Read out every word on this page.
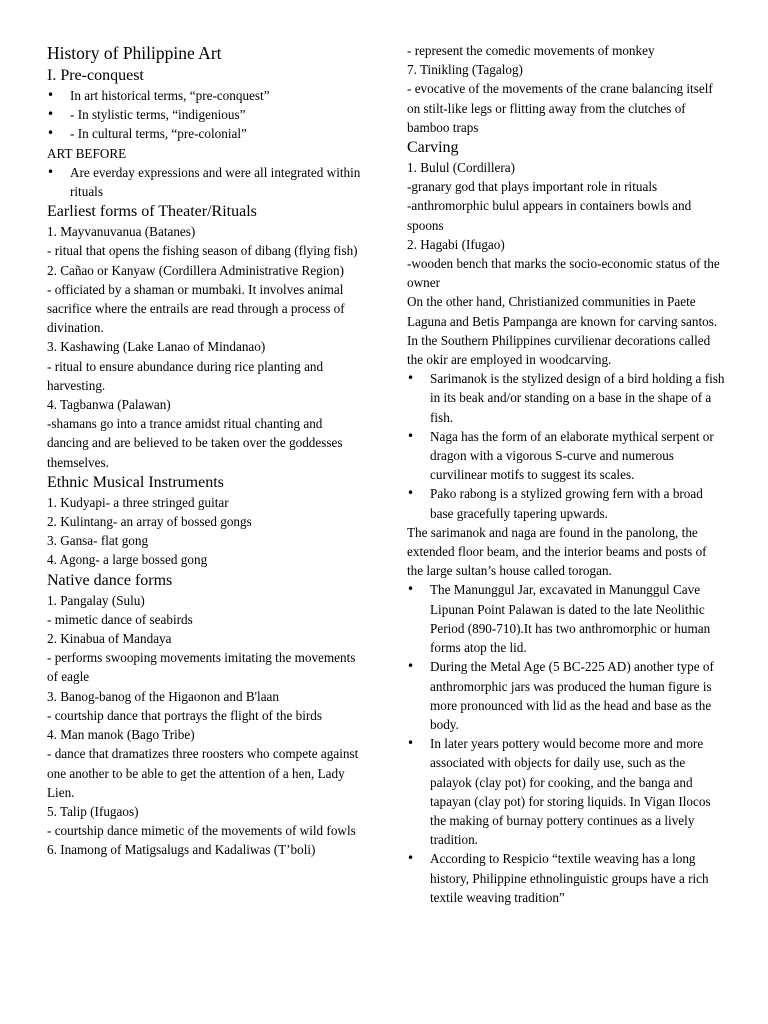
History of Philippine Art
I. Pre-conquest
• In art historical terms, “pre-conquest”
• - In stylistic terms, “indigenious”
• - In cultural terms, “pre-colonial”

ART BEFORE

• Are everday expressions and were all integrated within rituals
Earliest forms of Theater/Rituals

1. Mayvanuvanua (Batanes)

- ritual that opens the fishing season of dibang (flying fish)

2. Cañao or Kanyaw (Cordillera Administrative Region)

- officiated by a shaman or mumbaki. It involves animal sacrifice where the entrails are read through a process of divination.

3. Kashawing (Lake Lanao of Mindanao)

- ritual to ensure abundance during rice planting and harvesting.

4. Tagbanwa (Palawan)

-shamans go into a trance amidst ritual chanting and dancing and are believed to be taken over the goddesses themselves.

Ethnic Musical Instruments

1. Kudyapi- a three stringed guitar

2. Kulintang- an array of bossed gongs

3. Gansa- flat gong

4. Agong- a large bossed gong

Native dance forms

1. Pangalay (Sulu)

- mimetic dance of seabirds

2. Kinabua of Mandaya

- performs swooping movements imitating the movements of eagle

3. Banog-banog of the Higaonon and B'laan

- courtship dance that portrays the flight of the birds

4. Man manok (Bago Tribe)

- dance that dramatizes three roosters who compete against one another to be able to get the attention of a hen, Lady Lien.

5. Talip (Ifugaos)

- courtship dance mimetic of the movements of wild fowls

6. Inamong of Matigsalugs and Kadaliwas (T’boli)

- represent the comedic movements of monkey

7. Tinikling (Tagalog)

- evocative of the movements of the crane balancing itself on stilt-like legs or flitting away from the clutches of bamboo traps

Carving

1. Bulul (Cordillera)

-granary god that plays important role in rituals

-anthromorphic bulul appears in containers bowls and spoons

2. Hagabi (Ifugao)

-wooden bench that marks the socio-economic status of the owner

On the other hand, Christianized communities in Paete Laguna and Betis Pampanga are known for carving santos. In the Southern Philippines curvilienar decorations called the okir are employed in woodcarving.

• Sarimanok is the stylized design of a bird holding a fish in its beak and/or standing on a base in the shape of a fish.
• Naga has the form of an elaborate mythical serpent or dragon with a vigorous S-curve and numerous curvilinear motifs to suggest its scales.
• Pako rabong is a stylized growing fern with a broad base gracefully tapering upwards.

The sarimanok and naga are found in the panolong, the extended floor beam, and the interior beams and posts of the large sultan’s house called torogan.

• The Manunggul Jar, excavated in Manunggul Cave Lipunan Point Palawan is dated to the late Neolithic Period (890-710).It has two anthromorphic or human forms atop the lid.
• During the Metal Age (5 BC-225 AD) another type of anthromorphic jars was produced the human figure is more pronounced with lid as the head and base as the body.
• In later years pottery would become more and more associated with objects for daily use, such as the palayok (clay pot) for cooking, and the banga and tapayan (clay pot) for storing liquids. In Vigan Ilocos the making of burnay pottery continues as a lively tradition.
• According to Respicio “textile weaving has a long history, Philippine ethnolinguistic groups have a rich textile weaving tradition”
